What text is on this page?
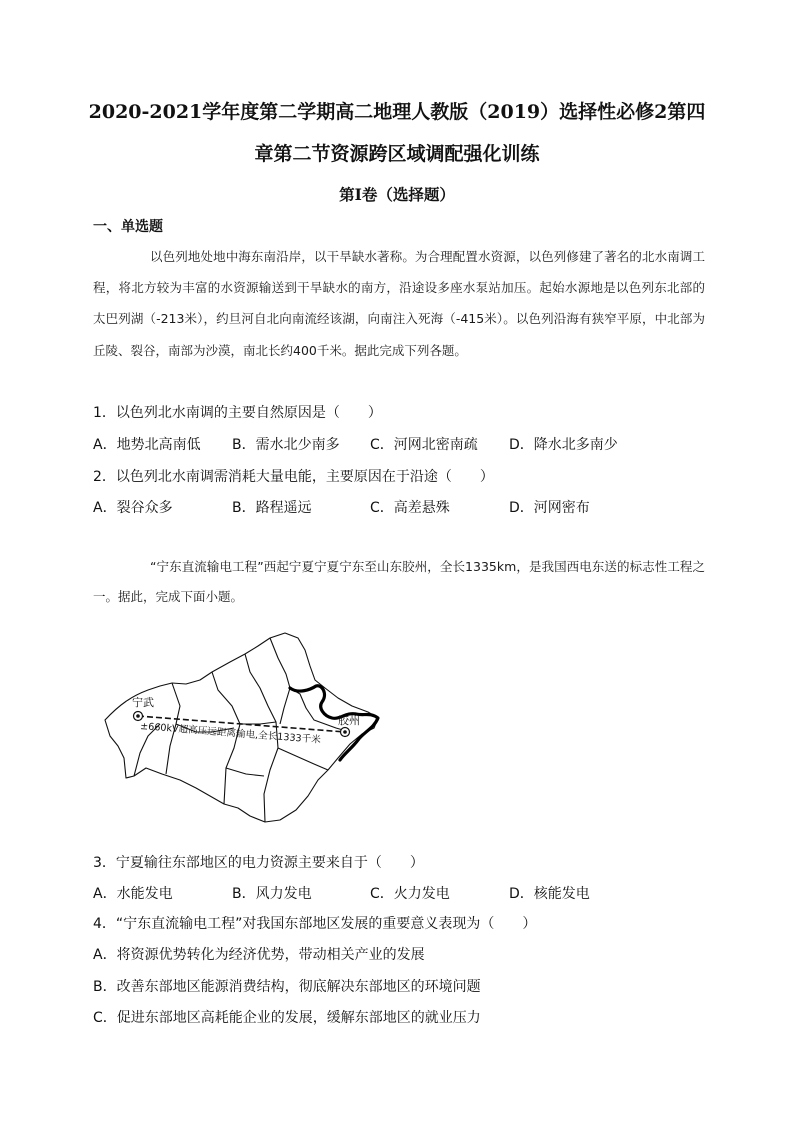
2020-2021学年度第二学期高二地理人教版（2019）选择性必修2第四
章第二节资源跨区域调配强化训练
第I卷（选择题）
一、单选题

以色列地处地中海东南沿岸，以干旱缺水著称。为合理配置水资源，以色列修建了著名的北水南调工程，将北方较为丰富的水资源输送到干旱缺水的南方，沿途设多座水泵站加压。起始水源地是以色列东北部的太巴列湖（-213米），约旦河自北向南流经该湖，向南注入死海（-415米）。以色列沿海有狭窄平原，中北部为丘陵、裂谷，南部为沙漠，南北长约400千米。据此完成下列各题。

1．以色列北水南调的主要自然原因是（　　）
A．地势北高南低 B．需水北少南多 C．河网北密南疏 D．降水北多南少
2．以色列北水南调需消耗大量电能，主要原因在于沿途（　　）
A．裂谷众多	B．路程遥远	C．高差悬殊	D．河网密布

“宁东直流输电工程”西起宁夏宁夏宁东至山东胶州，全长1335km，是我国西电东送的标志性工程之一。据此，完成下面小题。

宁武
胶州
±660kV超高压远距离输电,全长1333千米
3．宁夏输往东部地区的电力资源主要来自于（　　）
A．水能发电	B．风力发电	C．火力发电	D．核能发电
4．“宁东直流输电工程”对我国东部地区发展的重要意义表现为（　　）
A．将资源优势转化为经济优势，带动相关产业的发展
B．改善东部地区能源消费结构，彻底解决东部地区的环境问题
C．促进东部地区高耗能企业的发展，缓解东部地区的就业压力
